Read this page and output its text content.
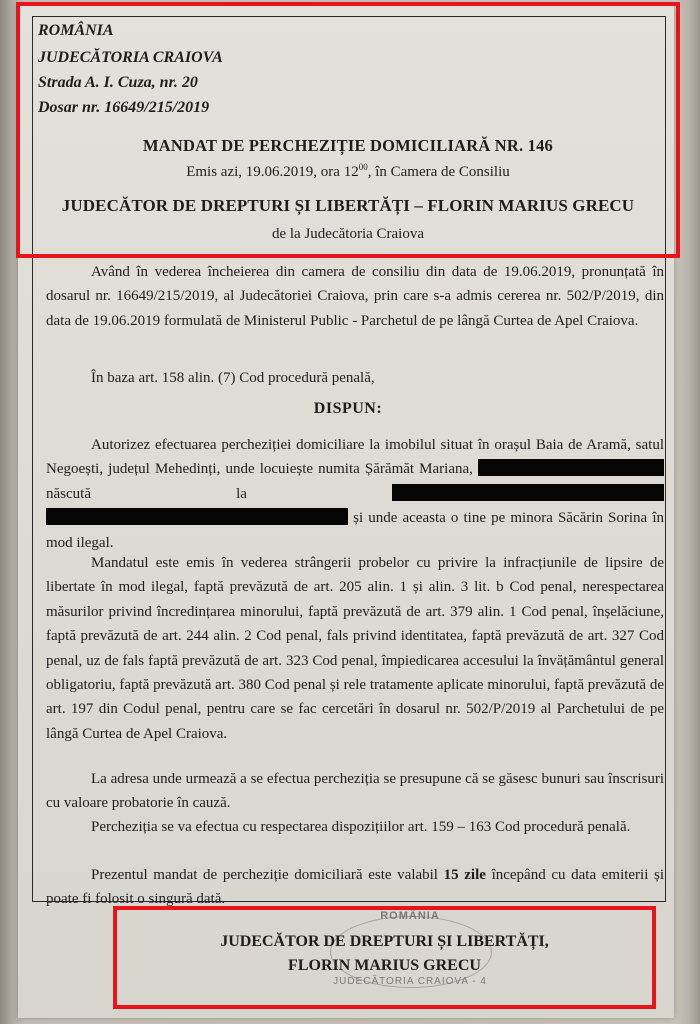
ROMÂNIA
JUDECĂTORIA CRAIOVA
Strada A. I. Cuza, nr. 20
Dosar nr. 16649/215/2019
MANDAT DE PERCHEZIȚIE DOMICILIARĂ NR. 146
Emis azi, 19.06.2019, ora $12^{00}$, în Camera de Consiliu
JUDECĂTOR DE DREPTURI ȘI LIBERTĂȚI – FLORIN MARIUS GRECU
de la Judecătoria Craiova

Având în vederea încheierea din camera de consiliu din data de 19.06.2019, pronunțată în dosarul nr. 16649/215/2019, al Judecătoriei Craiova, prin care s-a admis cererea nr. 502/P/2019, din data de 19.06.2019 formulată de Ministerul Public - Parchetul de pe lângă Curtea de Apel Craiova.

În baza art. 158 alin. (7) Cod procedură penală,

DISPUN:

Autorizez efectuarea percheziției domiciliare la imobilul situat în orașul Baia de Aramă, satul Negoești, județul Mehedinți, unde locuiește numita Șărămăt Mariana,  născută la   și unde aceasta o tine pe minora Săcărin Sorina în mod ilegal.

Mandatul este emis în vederea strângerii probelor cu privire la infracțiunile de lipsire de libertate în mod ilegal, faptă prevăzută de art. 205 alin. 1 și alin. 3 lit. b Cod penal, nerespectarea măsurilor privind încredințarea minorului, faptă prevăzută de art. 379 alin. 1 Cod penal, înșelăciune, faptă prevăzută de art. 244 alin. 2 Cod penal, fals privind identitatea, faptă prevăzută de art. 327 Cod penal, uz de fals faptă prevăzută de art. 323 Cod penal, împiedicarea accesului la învățământul general obligatoriu, faptă prevăzută art. 380 Cod penal și rele tratamente aplicate minorului, faptă prevăzută de art. 197 din Codul penal, pentru care se fac cercetări în dosarul nr. 502/P/2019 al Parchetului de pe lângă Curtea de Apel Craiova.

La adresa unde urmează a se efectua percheziția se presupune că se găsesc bunuri sau înscrisuri cu valoare probatorie în cauză.

Percheziția se va efectua cu respectarea dispozițiilor art. 159 – 163 Cod procedură penală.

Prezentul mandat de percheziție domiciliară este valabil 15 zile începând cu data emiterii și poate fi folosit o singură dată.

ROMÂNIA
JUDECĂTORIA CRAIOVA - 4
JUDECĂTOR DE DREPTURI ȘI LIBERTĂȚI,
FLORIN MARIUS GRECU
